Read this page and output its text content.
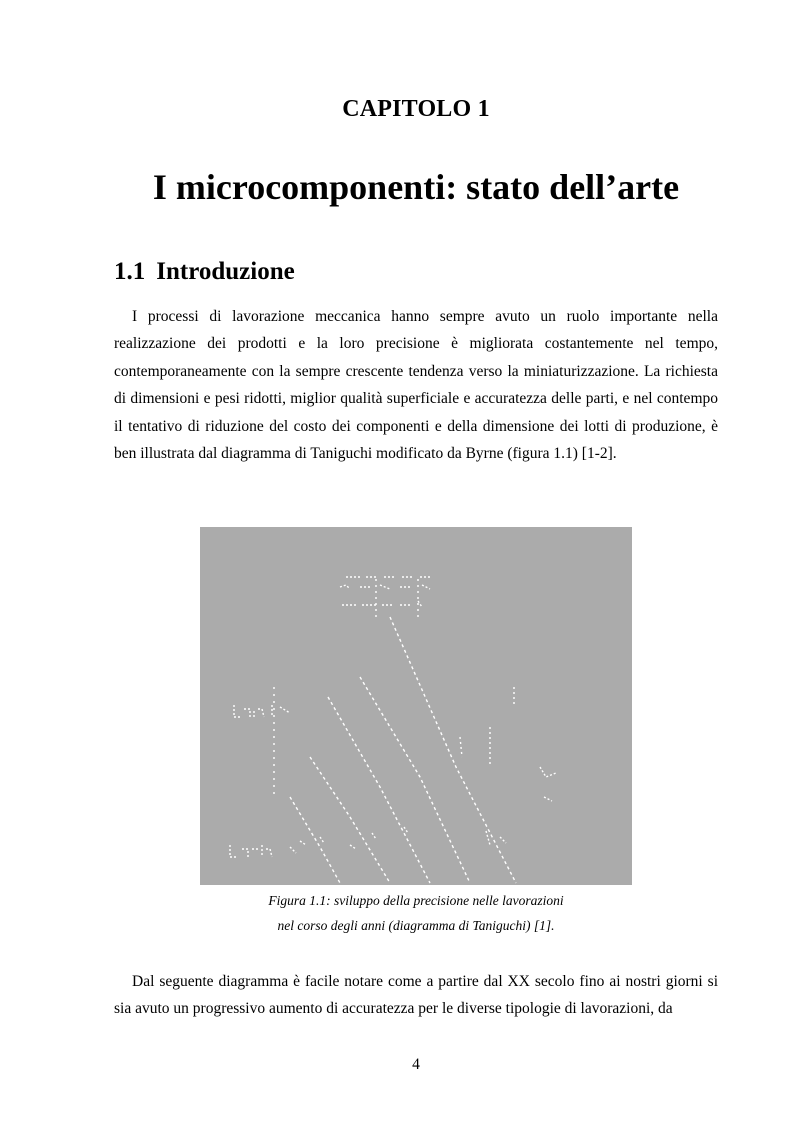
CAPITOLO 1
I microcomponenti: stato dell’arte
1.1 Introduzione

I processi di lavorazione meccanica hanno sempre avuto un ruolo importante nella realizzazione dei prodotti e la loro precisione è migliorata costantemente nel tempo, contemporaneamente con la sempre crescente tendenza verso la miniaturizzazione. La richiesta di dimensioni e pesi ridotti, miglior qualità superficiale e accuratezza delle parti, e nel contempo il tentativo di riduzione del costo dei componenti e della dimensione dei lotti di produzione, è ben illustrata dal diagramma di Taniguchi modificato da Byrne (figura 1.1) [1-2].

Figura 1.1: sviluppo della precisione nelle lavorazioni
nel corso degli anni (diagramma di Taniguchi) [1].

Dal seguente diagramma è facile notare come a partire dal XX secolo fino ai nostri giorni si sia avuto un progressivo aumento di accuratezza per le diverse tipologie di lavorazioni, da

4
